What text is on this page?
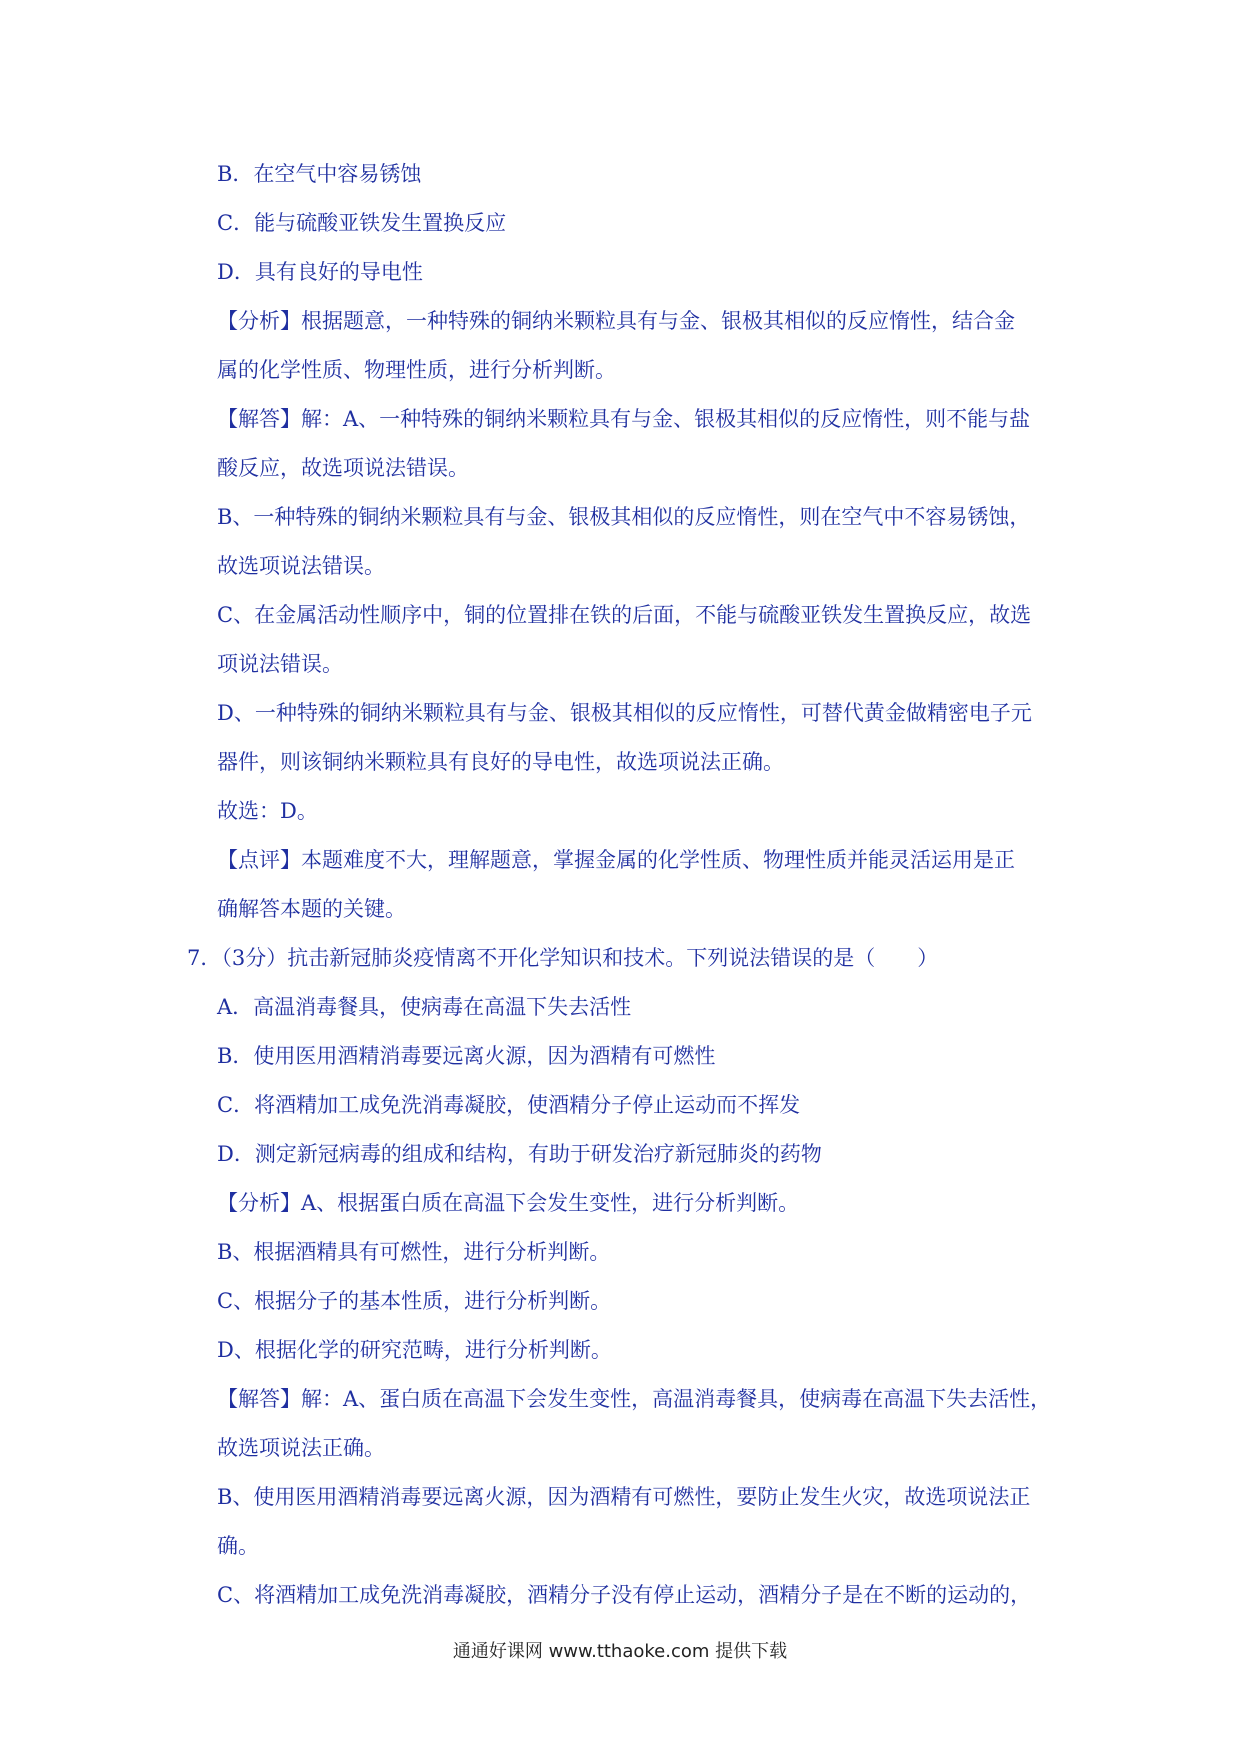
B．在空气中容易锈蚀
C．能与硫酸亚铁发生置换反应
D．具有良好的导电性
【分析】根据题意，一种特殊的铜纳米颗粒具有与金、银极其相似的反应惰性，结合金
属的化学性质、物理性质，进行分析判断。
【解答】解：A、一种特殊的铜纳米颗粒具有与金、银极其相似的反应惰性，则不能与盐
酸反应，故选项说法错误。
B、一种特殊的铜纳米颗粒具有与金、银极其相似的反应惰性，则在空气中不容易锈蚀，
故选项说法错误。
C、在金属活动性顺序中，铜的位置排在铁的后面，不能与硫酸亚铁发生置换反应，故选
项说法错误。
D、一种特殊的铜纳米颗粒具有与金、银极其相似的反应惰性，可替代黄金做精密电子元
器件，则该铜纳米颗粒具有良好的导电性，故选项说法正确。
故选：D。
【点评】本题难度不大，理解题意，掌握金属的化学性质、物理性质并能灵活运用是正
确解答本题的关键。
7．（3分）抗击新冠肺炎疫情离不开化学知识和技术。下列说法错误的是（　　）
A．高温消毒餐具，使病毒在高温下失去活性
B．使用医用酒精消毒要远离火源，因为酒精有可燃性
C．将酒精加工成免洗消毒凝胶，使酒精分子停止运动而不挥发
D．测定新冠病毒的组成和结构，有助于研发治疗新冠肺炎的药物
【分析】A、根据蛋白质在高温下会发生变性，进行分析判断。
B、根据酒精具有可燃性，进行分析判断。
C、根据分子的基本性质，进行分析判断。
D、根据化学的研究范畴，进行分析判断。
【解答】解：A、蛋白质在高温下会发生变性，高温消毒餐具，使病毒在高温下失去活性，
故选项说法正确。
B、使用医用酒精消毒要远离火源，因为酒精有可燃性，要防止发生火灾，故选项说法正
确。
C、将酒精加工成免洗消毒凝胶，酒精分子没有停止运动，酒精分子是在不断的运动的，
通通好课网 www.tthaoke.com 提供下载
